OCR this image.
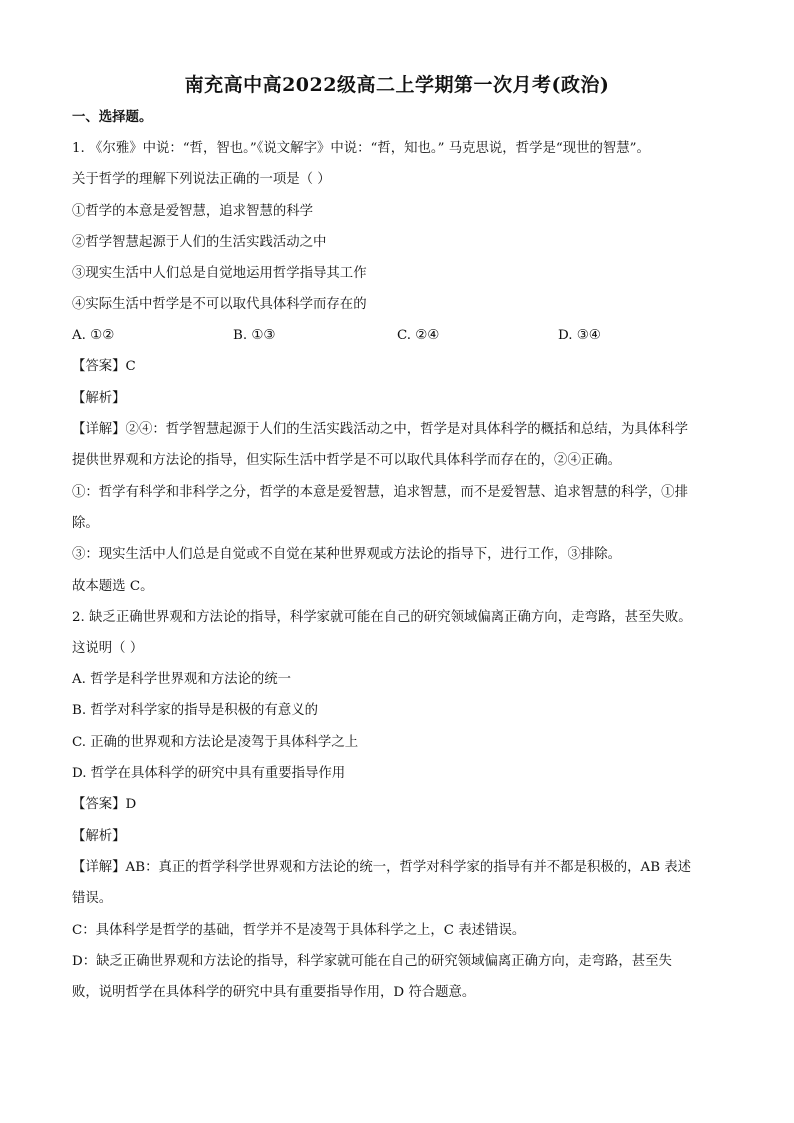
南充高中高2022级高二上学期第一次月考(政治)
一、选择题。
1. 《尔雅》中说：“哲，智也。”《说文解字》中说：“哲，知也。” 马克思说，哲学是“现世的智慧”。
关于哲学的理解下列说法正确的一项是（ ）
①哲学的本意是爱智慧，追求智慧的科学
②哲学智慧起源于人们的生活实践活动之中
③现实生活中人们总是自觉地运用哲学指导其工作
④实际生活中哲学是不可以取代具体科学而存在的
A. ①②	B. ①③	C. ②④	D. ③④
【答案】C
【解析】
【详解】②④：哲学智慧起源于人们的生活实践活动之中，哲学是对具体科学的概括和总结，为具体科学
提供世界观和方法论的指导，但实际生活中哲学是不可以取代具体科学而存在的，②④正确。
①：哲学有科学和非科学之分，哲学的本意是爱智慧，追求智慧，而不是爱智慧、追求智慧的科学，①排
除。
③：现实生活中人们总是自觉或不自觉在某种世界观或方法论的指导下，进行工作，③排除。
故本题选 C。
2. 缺乏正确世界观和方法论的指导，科学家就可能在自己的研究领域偏离正确方向，走弯路，甚至失败。
这说明（ ）
A. 哲学是科学世界观和方法论的统一
B. 哲学对科学家的指导是积极的有意义的
C. 正确的世界观和方法论是凌驾于具体科学之上
D. 哲学在具体科学的研究中具有重要指导作用
【答案】D
【解析】
【详解】AB：真正的哲学科学世界观和方法论的统一，哲学对科学家的指导有并不都是积极的，AB 表述
错误。
C：具体科学是哲学的基础，哲学并不是凌驾于具体科学之上，C 表述错误。
D：缺乏正确世界观和方法论的指导，科学家就可能在自己的研究领域偏离正确方向，走弯路，甚至失
败，说明哲学在具体科学的研究中具有重要指导作用，D 符合题意。
